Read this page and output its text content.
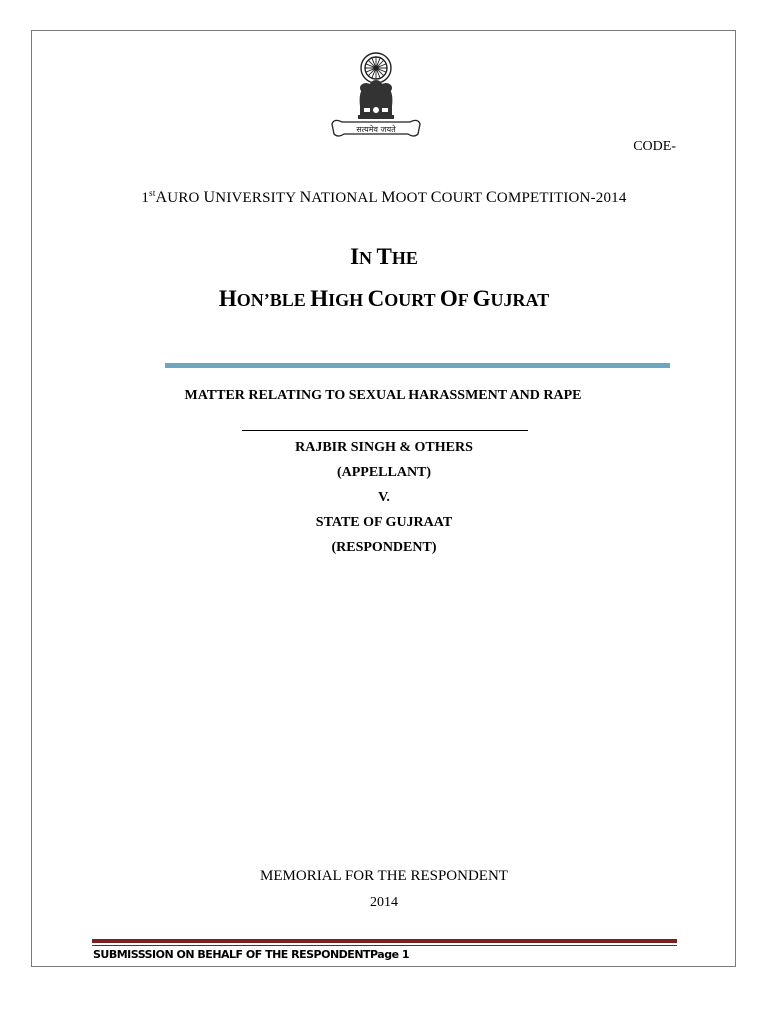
सत्यमेव जयते
CODE-
1stAURO UNIVERSITY NATIONAL MOOT COURT COMPETITION-2014
IN THE
HON’BLE HIGH COURT OF GUJRAT
MATTER RELATING TO SEXUAL HARASSMENT AND RAPE
RAJBIR SINGH & OTHERS
(APPELLANT)
V.
STATE OF GUJRAAT
(RESPONDENT)
MEMORIAL FOR THE RESPONDENT
2014
SUBMISSSION ON BEHALF OF THE RESPONDENTPage 1
